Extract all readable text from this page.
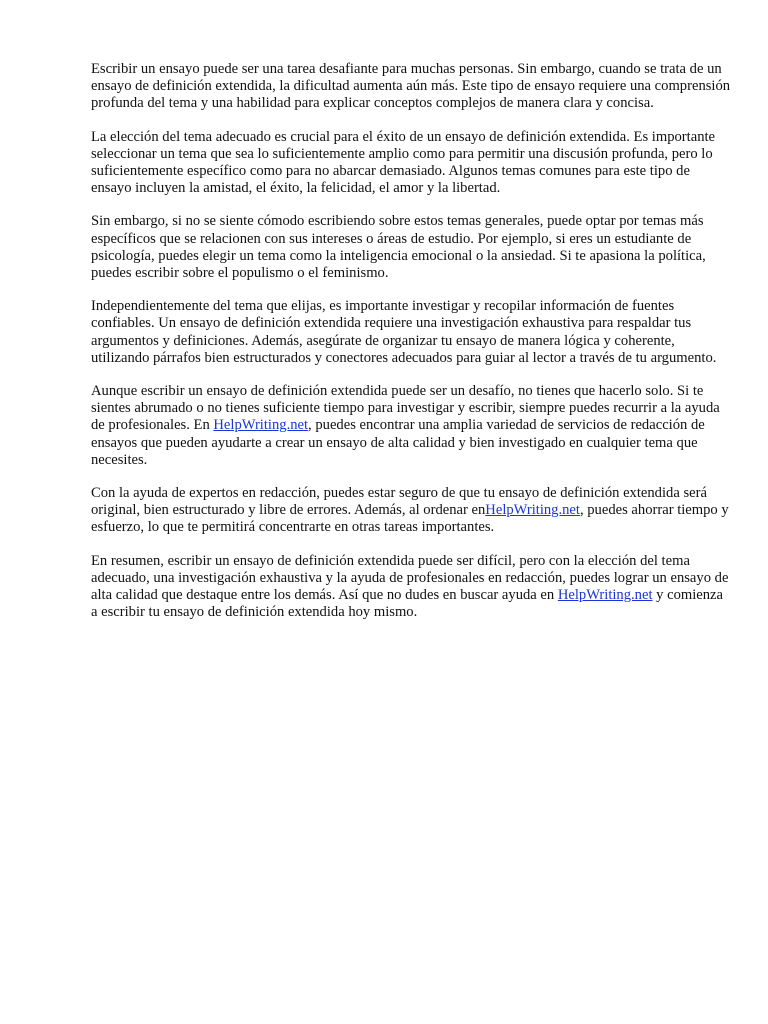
Escribir un ensayo puede ser una tarea desafiante para muchas personas. Sin embargo, cuando se trata de un ensayo de definición extendida, la dificultad aumenta aún más. Este tipo de ensayo requiere una comprensión profunda del tema y una habilidad para explicar conceptos complejos de manera clara y concisa.

La elección del tema adecuado es crucial para el éxito de un ensayo de definición extendida. Es importante seleccionar un tema que sea lo suficientemente amplio como para permitir una discusión profunda, pero lo suficientemente específico como para no abarcar demasiado. Algunos temas comunes para este tipo de ensayo incluyen la amistad, el éxito, la felicidad, el amor y la libertad.

Sin embargo, si no se siente cómodo escribiendo sobre estos temas generales, puede optar por temas más específicos que se relacionen con sus intereses o áreas de estudio. Por ejemplo, si eres un estudiante de psicología, puedes elegir un tema como la inteligencia emocional o la ansiedad. Si te apasiona la política, puedes escribir sobre el populismo o el feminismo.

Independientemente del tema que elijas, es importante investigar y recopilar información de fuentes confiables. Un ensayo de definición extendida requiere una investigación exhaustiva para respaldar tus argumentos y definiciones. Además, asegúrate de organizar tu ensayo de manera lógica y coherente, utilizando párrafos bien estructurados y conectores adecuados para guiar al lector a través de tu argumento.

Aunque escribir un ensayo de definición extendida puede ser un desafío, no tienes que hacerlo solo. Si te sientes abrumado o no tienes suficiente tiempo para investigar y escribir, siempre puedes recurrir a la ayuda de profesionales. En HelpWriting.net, puedes encontrar una amplia variedad de servicios de redacción de ensayos que pueden ayudarte a crear un ensayo de alta calidad y bien investigado en cualquier tema que necesites.

Con la ayuda de expertos en redacción, puedes estar seguro de que tu ensayo de definición extendida será original, bien estructurado y libre de errores. Además, al ordenar enHelpWriting.net, puedes ahorrar tiempo y esfuerzo, lo que te permitirá concentrarte en otras tareas importantes.

En resumen, escribir un ensayo de definición extendida puede ser difícil, pero con la elección del tema adecuado, una investigación exhaustiva y la ayuda de profesionales en redacción, puedes lograr un ensayo de alta calidad que destaque entre los demás. Así que no dudes en buscar ayuda en HelpWriting.net y comienza a escribir tu ensayo de definición extendida hoy mismo.
